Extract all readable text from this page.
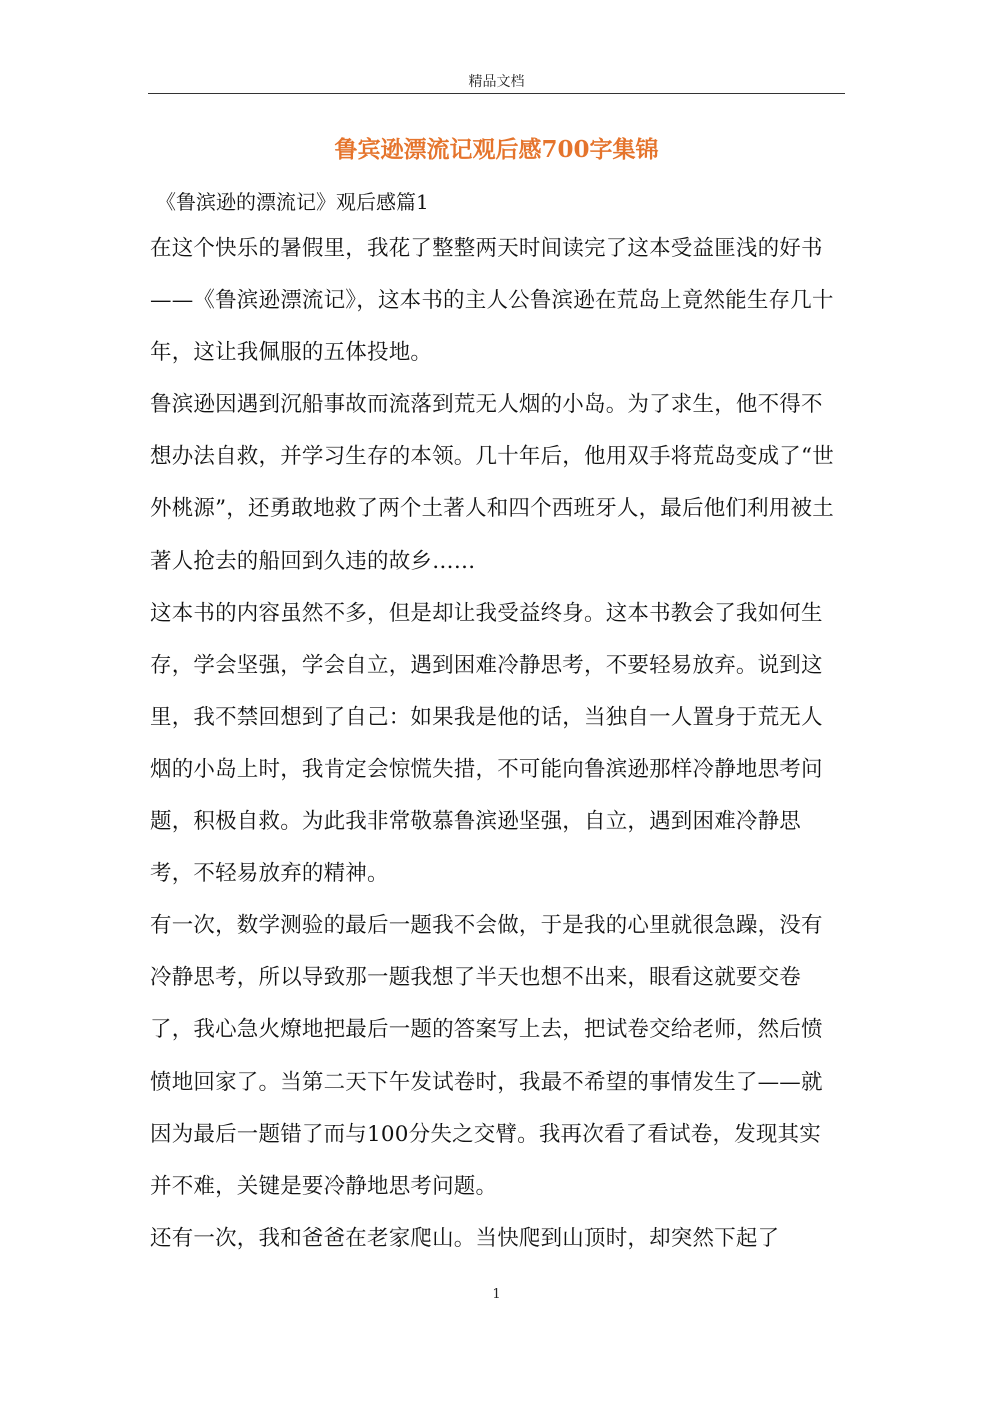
精品文档
鲁宾逊漂流记观后感700字集锦
《鲁滨逊的漂流记》观后感篇1

在这个快乐的暑假里，我花了整整两天时间读完了这本受益匪浅的好书——《鲁滨逊漂流记》，这本书的主人公鲁滨逊在荒岛上竟然能生存几十年，这让我佩服的五体投地。

鲁滨逊因遇到沉船事故而流落到荒无人烟的小岛。为了求生，他不得不想办法自救，并学习生存的本领。几十年后，他用双手将荒岛变成了“世外桃源”，还勇敢地救了两个土著人和四个西班牙人，最后他们利用被土著人抢去的船回到久违的故乡……

这本书的内容虽然不多，但是却让我受益终身。这本书教会了我如何生存，学会坚强，学会自立，遇到困难冷静思考，不要轻易放弃。说到这里，我不禁回想到了自己：如果我是他的话，当独自一人置身于荒无人烟的小岛上时，我肯定会惊慌失措，不可能向鲁滨逊那样冷静地思考问题，积极自救。为此我非常敬慕鲁滨逊坚强，自立，遇到困难冷静思考，不轻易放弃的精神。

有一次，数学测验的最后一题我不会做，于是我的心里就很急躁，没有冷静思考，所以导致那一题我想了半天也想不出来，眼看这就要交卷了，我心急火燎地把最后一题的答案写上去，把试卷交给老师，然后愤愤地回家了。当第二天下午发试卷时，我最不希望的事情发生了——就因为最后一题错了而与100分失之交臂。我再次看了看试卷，发现其实并不难，关键是要冷静地思考问题。

还有一次，我和爸爸在老家爬山。当快爬到山顶时，却突然下起了

1
